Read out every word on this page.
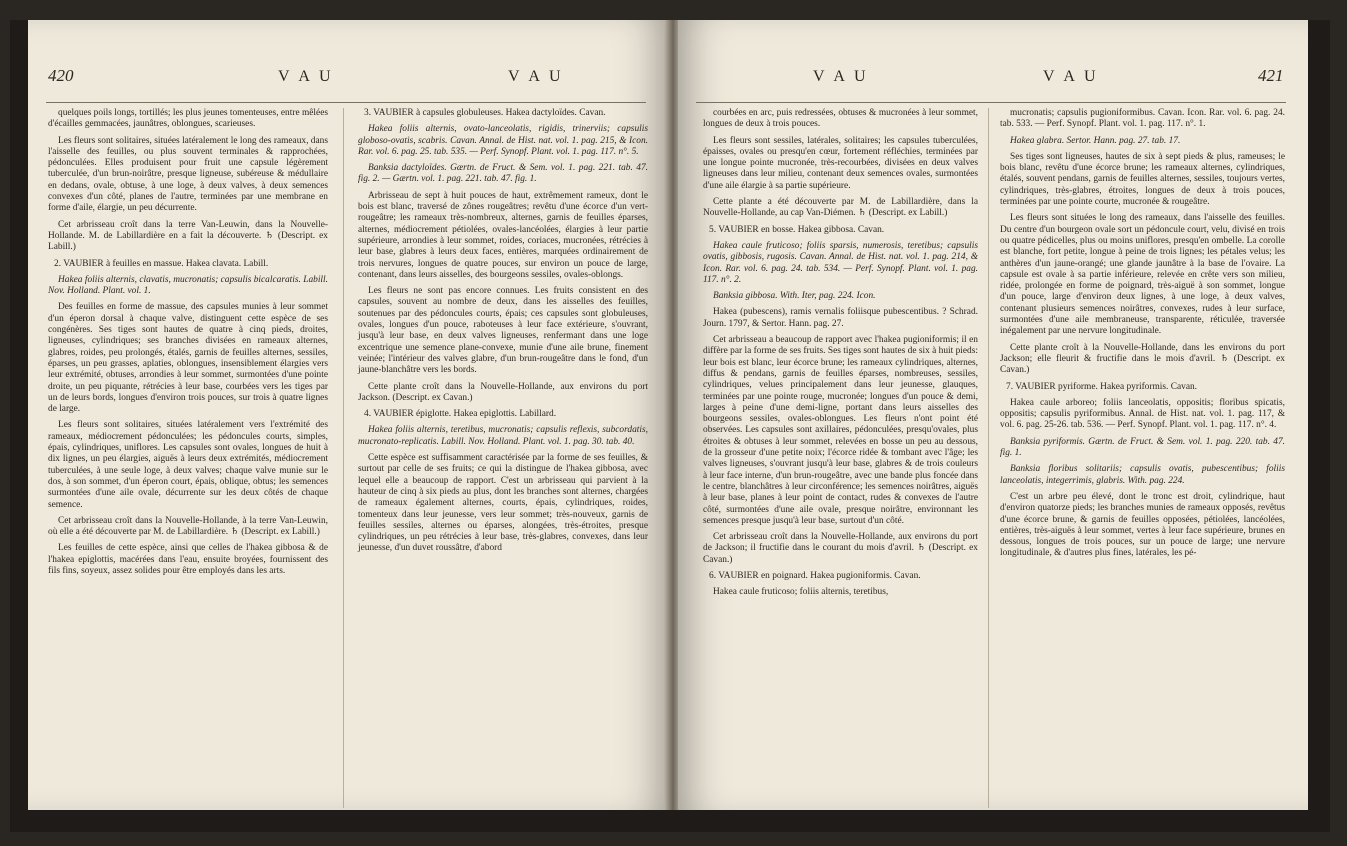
420	V A U	V A U

quelques poils longs, tortillés; les plus jeunes tomenteuses, entre mêlées d'écailles gemmacées, jaunâtres, oblongues, scarieuses.

Les fleurs sont solitaires, situées latéralement le long des rameaux, dans l'aisselle des feuilles, ou plus souvent terminales & rapprochées, pédonculées. Elles produisent pour fruit une capsule légèrement tuberculée, d'un brun-noirâtre, presque ligneuse, subéreuse & médullaire en dedans, ovale, obtuse, à une loge, à deux valves, à deux semences convexes d'un côté, planes de l'autre, terminées par une membrane en forme d'aile, élargie, un peu décurrente.

Cet arbrisseau croît dans la terre Van-Leuwin, dans la Nouvelle-Hollande. M. de Labillardière en a fait la découverte. ♄ (Descript. ex Labill.)

2. VAUBIER à feuilles en massue. Hakea clavata. Labill.

Hakea foliis alternis, clavatis, mucronatis; capsulis bicalcaratis. Labill. Nov. Holland. Plant. vol. 1.

Des feuilles en forme de massue, des capsules munies à leur sommet d'un éperon dorsal à chaque valve, distinguent cette espèce de ses congénères. Ses tiges sont hautes de quatre à cinq pieds, droites, ligneuses, cylindriques; ses branches divisées en rameaux alternes, glabres, roides, peu prolongés, étalés, garnis de feuilles alternes, sessiles, éparses, un peu grasses, aplaties, oblongues, insensiblement élargies vers leur extrémité, obtuses, arrondies à leur sommet, surmontées d'une pointe droite, un peu piquante, rétrécies à leur base, courbées vers les tiges par un de leurs bords, longues d'environ trois pouces, sur trois à quatre lignes de large.

Les fleurs sont solitaires, situées latéralement vers l'extrémité des rameaux, médiocrement pédonculées; les pédoncules courts, simples, épais, cylindriques, uniflores. Les capsules sont ovales, longues de huit à dix lignes, un peu élargies, aiguës à leurs deux extrémités, médiocrement tuberculées, à une seule loge, à deux valves; chaque valve munie sur le dos, à son sommet, d'un éperon court, épais, oblique, obtus; les semences surmontées d'une aile ovale, décurrente sur les deux côtés de chaque semence.

Cet arbrisseau croît dans la Nouvelle-Hollande, à la terre Van-Leuwin, où elle a été découverte par M. de Labillardière. ♄ (Descript. ex Labill.)

Les feuilles de cette espèce, ainsi que celles de l'hakea gibbosa & de l'hakea epiglottis, macérées dans l'eau, ensuite broyées, fournissent des fils fins, soyeux, assez solides pour être employés dans les arts.

3. VAUBIER à capsules globuleuses. Hakea dactyloïdes. Cavan.

Hakea foliis alternis, ovato-lanceolatis, rigidis, trinerviis; capsulis globoso-ovatis, scabris. Cavan. Annal. de Hist. nat. vol. 1. pag. 215, & Icon. Rar. vol. 6. pag. 25. tab. 535. — Perf. Synopf. Plant. vol. 1. pag. 117. n°. 5.

Banksia dactyloïdes. Gærtn. de Fruct. & Sem. vol. 1. pag. 221. tab. 47. fig. 2. — Gærtn. vol. 1. pag. 221. tab. 47. fig. 1.

Arbrisseau de sept à huit pouces de haut, extrêmement rameux, dont le bois est blanc, traversé de zônes rougeâtres; revêtu d'une écorce d'un vert-rougeâtre; les rameaux très-nombreux, alternes, garnis de feuilles éparses, alternes, médiocrement pétiolées, ovales-lancéolées, élargies à leur partie supérieure, arrondies à leur sommet, roides, coriaces, mucronées, rétrécies à leur base, glabres à leurs deux faces, entières, marquées ordinairement de trois nervures, longues de quatre pouces, sur environ un pouce de large, contenant, dans leurs aisselles, des bourgeons sessiles, ovales-oblongs.

Les fleurs ne sont pas encore connues. Les fruits consistent en des capsules, souvent au nombre de deux, dans les aisselles des feuilles, soutenues par des pédoncules courts, épais; ces capsules sont globuleuses, ovales, longues d'un pouce, raboteuses à leur face extérieure, s'ouvrant, jusqu'à leur base, en deux valves ligneuses, renfermant dans une loge excentrique une semence plane-convexe, munie d'une aile brune, finement veinée; l'intérieur des valves glabre, d'un brun-rougeâtre dans le fond, d'un jaune-blanchâtre vers les bords.

Cette plante croît dans la Nouvelle-Hollande, aux environs du port Jackson. (Descript. ex Cavan.)

4. VAUBIER épiglotte. Hakea epiglottis. Labillard.

Hakea foliis alternis, teretibus, mucronatis; capsulis reflexis, subcordatis, mucronato-replicatis. Labill. Nov. Holland. Plant. vol. 1. pag. 30. tab. 40.

Cette espèce est suffisamment caractérisée par la forme de ses feuilles, & surtout par celle de ses fruits; ce qui la distingue de l'hakea gibbosa, avec lequel elle a beaucoup de rapport. C'est un arbrisseau qui parvient à la hauteur de cinq à six pieds au plus, dont les branches sont alternes, chargées de rameaux également alternes, courts, épais, cylindriques, roides, tomenteux dans leur jeunesse, vers leur sommet; très-nouveux, garnis de feuilles sessiles, alternes ou éparses, alongées, très-étroites, presque cylindriques, un peu rétrécies à leur base, très-glabres, convexes, dans leur jeunesse, d'un duvet roussâtre, d'abord

V A U	V A U	421

courbées en arc, puis redressées, obtuses & mucronées à leur sommet, longues de deux à trois pouces.

Les fleurs sont sessiles, latérales, solitaires; les capsules tuberculées, épaisses, ovales ou presqu'en cœur, fortement réfléchies, terminées par une longue pointe mucronée, très-recourbées, divisées en deux valves ligneuses dans leur milieu, contenant deux semences ovales, surmontées d'une aile élargie à sa partie supérieure.

Cette plante a été découverte par M. de Labillardière, dans la Nouvelle-Hollande, au cap Van-Diémen. ♄ (Descript. ex Labill.)

5. VAUBIER en bosse. Hakea gibbosa. Cavan.

Hakea caule fruticoso; foliis sparsis, numerosis, teretibus; capsulis ovatis, gibbosis, rugosis. Cavan. Annal. de Hist. nat. vol. 1. pag. 214, & Icon. Rar. vol. 6. pag. 24. tab. 534. — Perf. Synopf. Plant. vol. 1. pag. 117. n°. 2.

Banksia gibbosa. With. Iter, pag. 224. Icon.

Hakea (pubescens), ramis vernalis foliisque pubescentibus. ? Schrad. Journ. 1797, & Sertor. Hann. pag. 27.

Cet arbrisseau a beaucoup de rapport avec l'hakea pugioniformis; il en diffère par la forme de ses fruits. Ses tiges sont hautes de six à huit pieds: leur bois est blanc, leur écorce brune; les rameaux cylindriques, alternes, diffus & pendans, garnis de feuilles éparses, nombreuses, sessiles, cylindriques, velues principalement dans leur jeunesse, glauques, terminées par une pointe rouge, mucronée; longues d'un pouce & demi, larges à peine d'une demi-ligne, portant dans leurs aisselles des bourgeons sessiles, ovales-oblongues. Les fleurs n'ont point été observées. Les capsules sont axillaires, pédonculées, presqu'ovales, plus étroites & obtuses à leur sommet, relevées en bosse un peu au dessous, de la grosseur d'une petite noix; l'écorce ridée & tombant avec l'âge; les valves ligneuses, s'ouvrant jusqu'à leur base, glabres & de trois couleurs à leur face interne, d'un brun-rougeâtre, avec une bande plus foncée dans le centre, blanchâtres à leur circonférence; les semences noirâtres, aiguës à leur base, planes à leur point de contact, rudes & convexes de l'autre côté, surmontées d'une aile ovale, presque noirâtre, environnant les semences presque jusqu'à leur base, surtout d'un côté.

Cet arbrisseau croît dans la Nouvelle-Hollande, aux environs du port de Jackson; il fructifie dans le courant du mois d'avril. ♄ (Descript. ex Cavan.)

6. VAUBIER en poignard. Hakea pugioniformis. Cavan.

Hakea caule fruticoso; foliis alternis, teretibus,

mucronatis; capsulis pugioniformibus. Cavan. Icon. Rar. vol. 6. pag. 24. tab. 533. — Perf. Synopf. Plant. vol. 1. pag. 117. n°. 1.

Hakea glabra. Sertor. Hann. pag. 27. tab. 17.

Ses tiges sont ligneuses, hautes de six à sept pieds & plus, rameuses; le bois blanc, revêtu d'une écorce brune; les rameaux alternes, cylindriques, étalés, souvent pendans, garnis de feuilles alternes, sessiles, toujours vertes, cylindriques, très-glabres, étroites, longues de deux à trois pouces, terminées par une pointe courte, mucronée & rougeâtre.

Les fleurs sont situées le long des rameaux, dans l'aisselle des feuilles. Du centre d'un bourgeon ovale sort un pédoncule court, velu, divisé en trois ou quatre pédicelles, plus ou moins uniflores, presqu'en ombelle. La corolle est blanche, fort petite, longue à peine de trois lignes; les pétales velus; les anthères d'un jaune-orangé; une glande jaunâtre à la base de l'ovaire. La capsule est ovale à sa partie inférieure, relevée en crête vers son milieu, ridée, prolongée en forme de poignard, très-aiguë à son sommet, longue d'un pouce, large d'environ deux lignes, à une loge, à deux valves, contenant plusieurs semences noirâtres, convexes, rudes à leur surface, surmontées d'une aile membraneuse, transparente, réticulée, traversée inégalement par une nervure longitudinale.

Cette plante croît à la Nouvelle-Hollande, dans les environs du port Jackson; elle fleurit & fructifie dans le mois d'avril. ♄ (Descript. ex Cavan.)

7. VAUBIER pyriforme. Hakea pyriformis. Cavan.

Hakea caule arboreo; foliis lanceolatis, oppositis; floribus spicatis, oppositis; capsulis pyriformibus. Annal. de Hist. nat. vol. 1. pag. 117, & vol. 6. pag. 25-26. tab. 536. — Perf. Synopf. Plant. vol. 1. pag. 117. n°. 4.

Banksia pyriformis. Gærtn. de Fruct. & Sem. vol. 1. pag. 220. tab. 47. fig. 1.

Banksia floribus solitariis; capsulis ovatis, pubescentibus; foliis lanceolatis, integerrimis, glabris. With. pag. 224.

C'est un arbre peu élevé, dont le tronc est droit, cylindrique, haut d'environ quatorze pieds; les branches munies de rameaux opposés, revêtus d'une écorce brune, & garnis de feuilles opposées, pétiolées, lancéolées, entières, très-aiguës à leur sommet, vertes à leur face supérieure, brunes en dessous, longues de trois pouces, sur un pouce de large; une nervure longitudinale, & d'autres plus fines, latérales, les pé-
